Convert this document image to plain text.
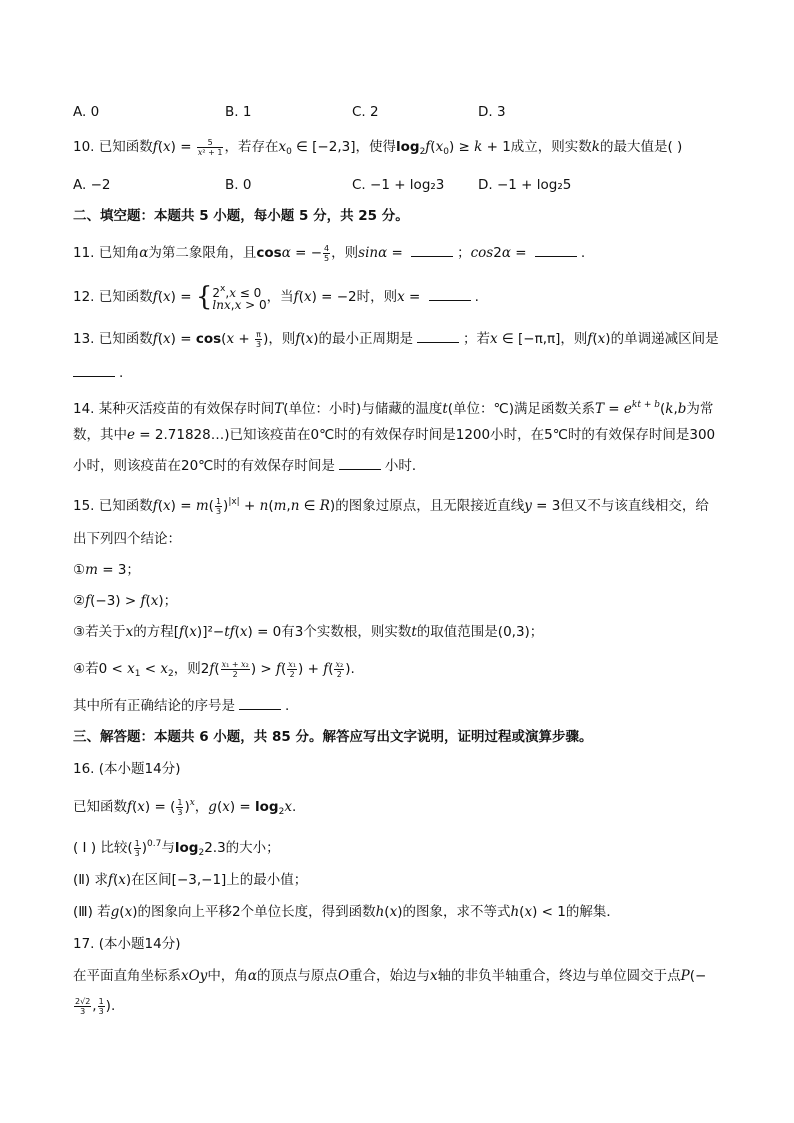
A. 0	B. 1	C. 2	D. 3
10. 已知函数$f(x) = \frac{5}{\text{x² + 1}}$ ，若存在$x_0$ ∈ [−2,3]，使得$\log_2f(x_0) \ge k + 1$成立，则实数k的最大值是( )
A. −2	B. 0	C. −1 + log₂3 D. −1 + log₂5
二、填空题：本题共 5 小题，每小题 5 分，共 25 分。
11. 已知角α为第二象限角，且cosα = − $\frac{4}{5}$ ，则sinα =	；cos2α =	.
12. 已知函数f(x) = { $2^x,x \le 0$
lnx,x > 0 ，当f(x) = −2时，则x =	.
13. 已知函数$f(x) = \cos(x + \frac{\pi}{3}$ )，则f(x)的最小正周期是	；若x ∈ [−π,π]，则f(x)的单调递减区间是
.
14. 某种灭活疫苗的有效保存时间T(单位：小时)与储藏的温度t(单位：℃)满足函数关系$T = e^{kt + b}(k,b$为常
数，其中e = 2.71828…)已知该疫苗在0℃时的有效保存时间是1200小时，在5℃时的有效保存时间是300
小时，则该疫苗在20℃时的有效保存时间是	小时．
15. 已知函数$f(x) = m( \frac{1}{3} )^{|x|} + n(m,n$ ∈ R)的图象过原点，且无限接近直线y = 3但又不与该直线相交，给
出下列四个结论：
①m = 3；
②f(−3) > f(x)；
③若关于x的方程[f(x)]²−tf(x) = 0有3个实数根，则实数t的取值范围是(0,3)；
④若$0 < x_1 < x_2$，则$2f( \frac{\text{x₁ + x₂}}{2}$ ) > $f( \frac{\text{x₁}}{2}$ ) + $f( \frac{\text{x₂}}{2}$ ).
其中所有正确结论的序号是	.
三、解答题：本题共 6 小题，共 85 分。解答应写出文字说明，证明过程或演算步骤。
16. (本小题14分)
已知函数f(x) = ( $\frac{1}{3} )^x$，$g(x) = \log_2x$.
( I ) 比较( $\frac{1}{3} )^{0.7}$与$\log_22.3$的大小；
(Ⅱ) 求f(x)在区间[−3,−1]上的最小值；
(Ⅲ) 若g(x)的图象向上平移2个单位长度，得到函数h(x)的图象，求不等式h(x) < 1的解集．
17. (本小题14分)
在平面直角坐标系xOy中，角α的顶点与原点O重合，始边与x轴的非负半轴重合，终边与单位圆交于点P(−
$\frac{2√2}{3}$ , $\frac{1}{3}$ ).
